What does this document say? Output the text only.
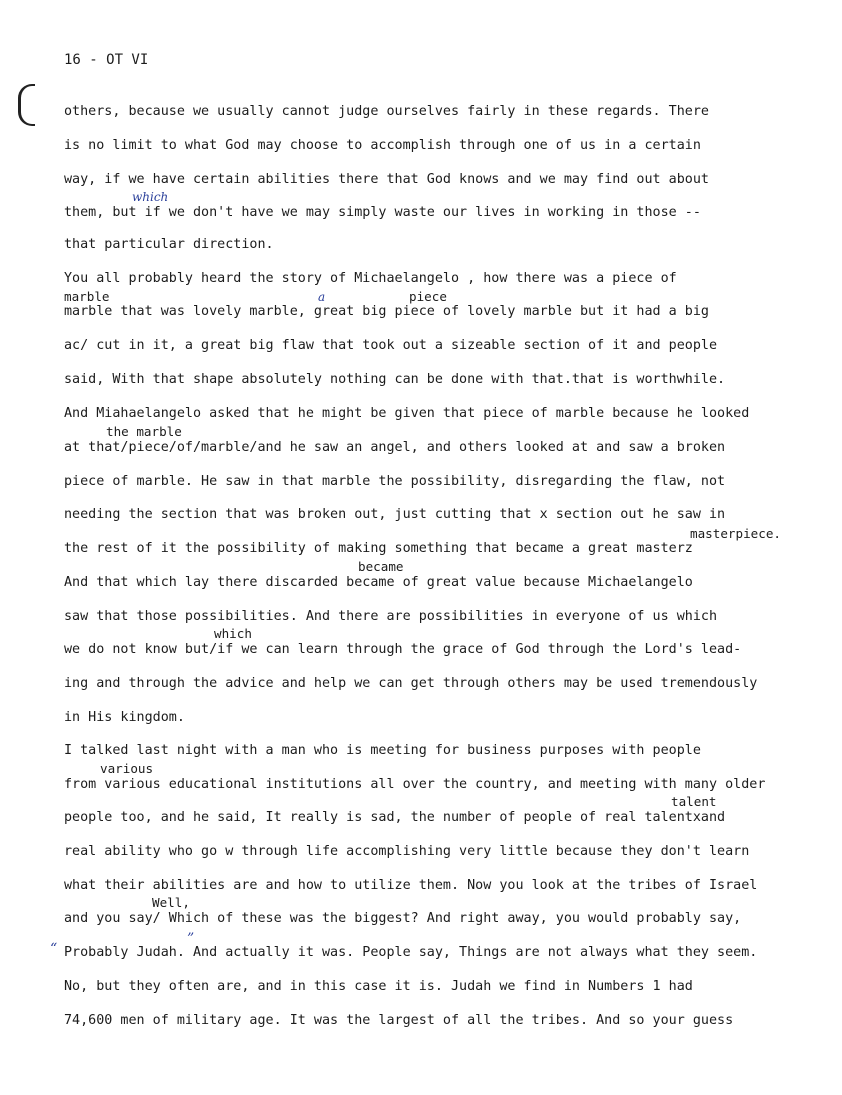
16 - OT VI
others, because we usually cannot judge ourselves fairly in these regards. There
is no limit to what God may choose to accomplish through one of us in a certain
way, if we have certain abilities there that God knows and we may find out about
them, but if we don't have we may simply waste our lives in working in those --
that particular direction.
You all probably heard the story of Michaelangelo , how there was a piece of
marble that was lovely marble, great big piece of lovely marble but it had a big
ac/ cut in it, a great big flaw that took out a sizeable section of it and people
said, With that shape absolutely nothing can be done with that.that is worthwhile.
And Miahaelangelo asked that he might be given that piece of marble because he looked
at that/piece/of/marble/and he saw an angel, and others looked at and saw a broken
piece of marble. He saw in that marble the possibility, disregarding the flaw, not
needing the section that was broken out, just cutting that x section out he saw in
the rest of it the possibility of making something that became a great masterz
And that which lay there discarded became of great value because Michaelangelo
saw that those possibilities. And there are possibilities in everyone of us which
we do not know but/if we can learn through the grace of God through the Lord's lead-
ing and through the advice and help we can get through others may be used tremendously
in His kingdom.
I talked last night with a man who is meeting for business purposes with people
from various educational institutions all over the country, and meeting with many older
people too, and he said, It really is sad, the number of people of real talentxand
real ability who go w through life accomplishing very little because they don't learn
what their abilities are and how to utilize them. Now you look at the tribes of Israel
and you say/ Which of these was the biggest? And right away, you would probably say,
Probably Judah. And actually it was. People say, Things are not always what they seem.
No, but they often are, and in this case it is. Judah we find in Numbers 1 had
74,600 men of military age. It was the largest of all the tribes. And so your guess
marble	piece
the marble
masterpiece.
became
which
various
talent
Well,
which
a
“
”
